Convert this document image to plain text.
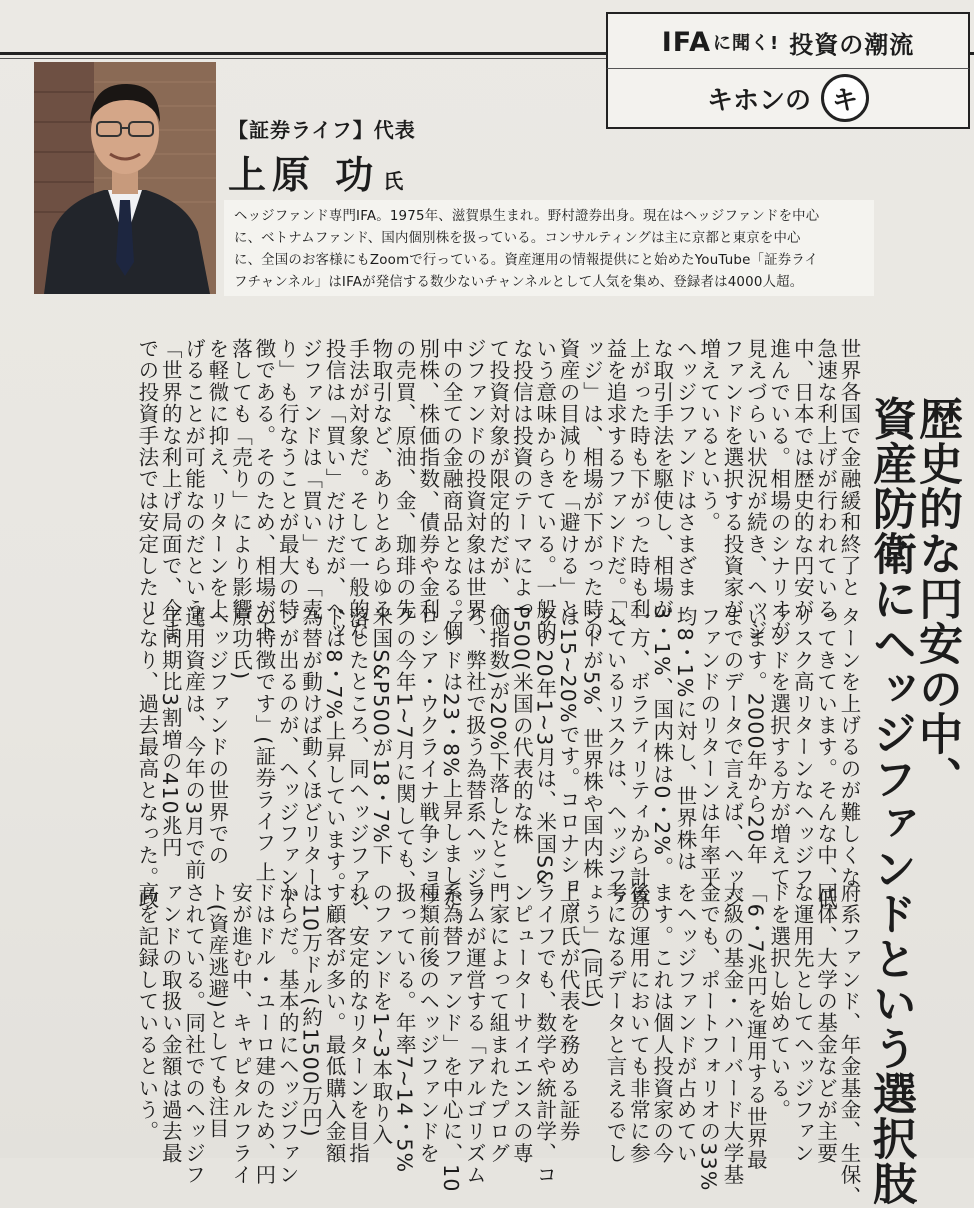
IFA に聞く! 投資の潮流
キホンの キ
【証券ライフ】代表
上原 功 氏
ヘッジファンド専門IFA。1975年、滋賀県生まれ。野村證券出身。現在はヘッジファンドを中心
に、ベトナムファンド、国内個別株を扱っている。コンサルティングは主に京都と東京を中心
に、全国のお客様にもZoomで行っている。資産運用の情報提供にと始めたYouTube「証券ライ
フチャンネル」はIFAが発信する数少ないチャンネルとして人気を集め、登録者は4000人超。
歴史的な円安の中、
資産防衛にヘッジファンドという選択肢
世界各国で金融緩和終了と
急速な利上げが行われている
中、日本では歴史的な円安が
進んでいる。相場のシナリオが
見えづらい状況が続き、ヘッジ
ファンドを選択する投資家が
増えているという。
ヘッジファンドはさまざま
な取引手法を駆使し、相場が
上がった時も下がった時も利
益を追求するファンドだ。「ヘ
ッジ」は、相場が下がった時の
資産の目減りを「避ける」と
いう意味からきている。一般的
な投信は投資のテーマによっ
て投資対象が限定的だが、ヘッ
ジファンドの投資対象は世界
中の全ての金融商品となる。個
別株、株価指数、債券や金利
の売買、原油、金、珈琲の先
物取引など、ありとあらゆる
手法が対象だ。そして一般的な
投信は「買い」だけだが、ヘッ
ジファンドは「買い」も「売
り」も行なうことが最大の特
徴である。そのため、相場が下
落しても「売り」により影響
を軽微に抑え、リターンを上
げることが可能なのだという。
「世界的な利上げ局面で、今ま
での投資手法では安定したリ
ターンを上げるのが難しくな
ってきています。そんな中、低
リスク高リターンなヘッジフ
ァンドを選択する方が増えて
います。2000年から20年
までのデータで言えば、ヘッジ
ファンドのリターンは年率平
均8・1%に対し、世界株は
3・1%、国内株は0・2%。
一方、ボラティリティから計算
しているリスクは、ヘッジファ
ンドが5%、世界株や国内株
は15~20%です。コロナショッ
クの20年1~3月は、米国S&
P500(米国の代表的な株
価指数)が20%下落したとこ
ろ、弊社で扱う為替系ヘッジフ
ァンドは23・8%上昇しました。
ロシア・ウクライナ戦争ショッ
クの今年1~7月に関しても、
米国S&P500が18・7%下
落したところ、同ヘッジファン
ドは8・7%上昇しています。
為替が動けば動くほどリター
ンが出るのが、ヘッジファンド
の特徴です」(証券ライフ 上
原功氏)
ヘッジファンドの世界での
運用資産は、今年の3月で前
年同期比3割増の410兆円
となり、過去最高となった。政
府系ファンド、年金基金、生保、
団体、大学の基金などが主要
な運用先としてヘッジファン
ドを選択し始めている。
「6・7兆円を運用する世界最
大級の基金・ハーバード大学基
金でも、ポートフォリオの33%
をヘッジファンドが占めてい
ます。これは個人投資家の今
後の運用においても非常に参
考になるデータと言えるでし
ょう」(同氏)
上原氏が代表を務める証券
ライフでも、数学や統計学、コ
ンピューターサイエンスの専
門家によって組まれたプログ
ラムが運営する「アルゴリズム
系為替ファンド」を中心に、10
種類前後のヘッジファンドを
扱っている。年率7~14・5%
のファンドを1~3本取り入
れ、安定的なリターンを目指
す顧客が多い。最低購入金額
は10万ドル(約1500万円)
からだ。基本的にヘッジファン
ドはドル・ユーロ建のため、円
安が進む中、キャピタルフライ
ト(資産逃避)としても注目
されている。同社でのヘッジフ
ァンドの取扱い金額は過去最
高を記録しているという。
